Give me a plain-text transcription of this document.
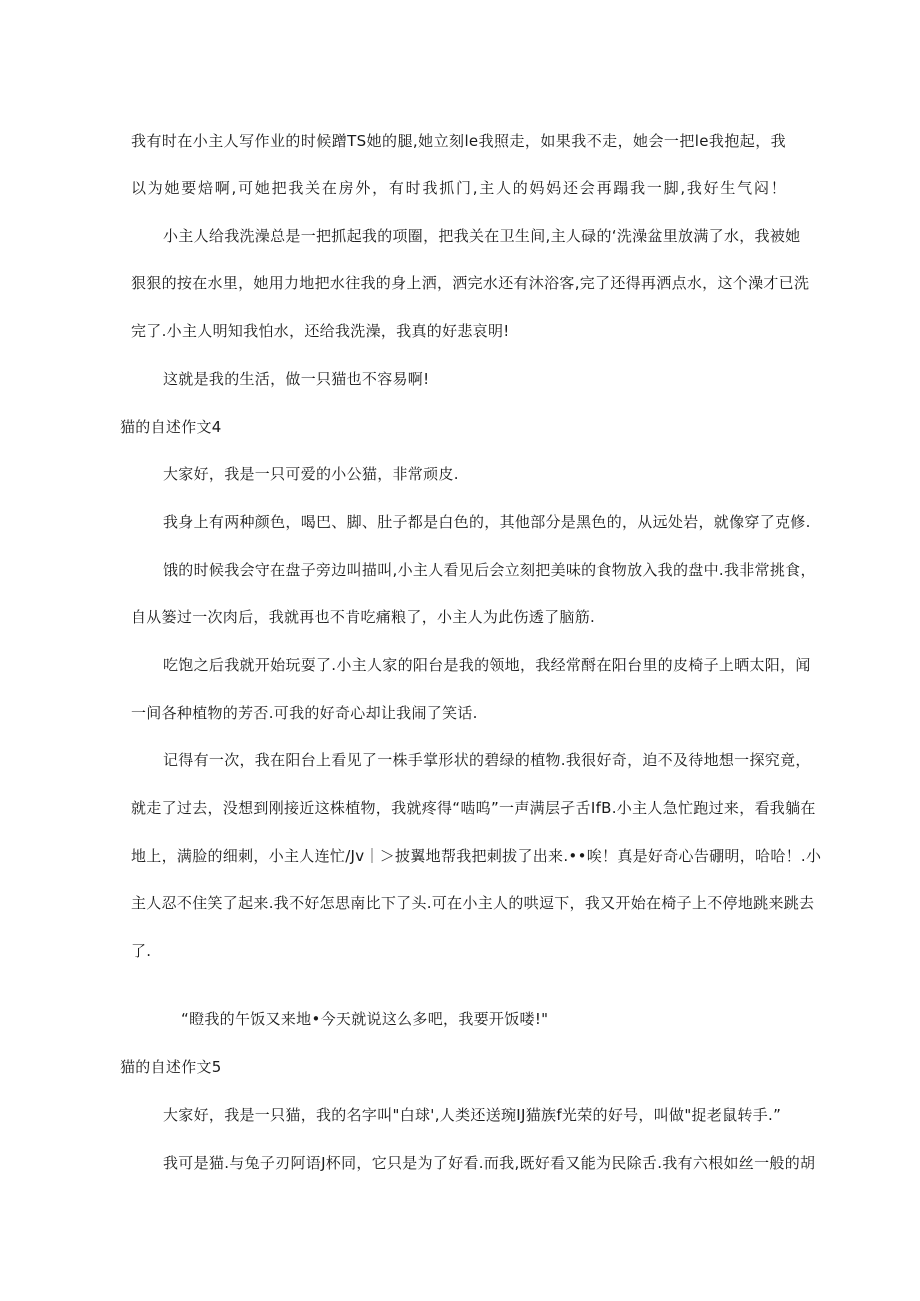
我有时在小主人写作业的时候蹭TS她的腿,她立刻le我照走，如果我不走，她会一把le我抱起，我
以为她要焙啊,可她把我关在房外，有时我抓门,主人的妈妈还会再蹋我一脚,我好生气闷！
小主人给我洗澡总是一把抓起我的项圈，把我关在卫生间,主人碌的‘洗澡盆里放满了水，我被她
狠狠的按在水里，她用力地把水往我的身上洒，洒完水还有沐浴客,完了还得再洒点水，这个澡才已洗
完了.小主人明知我怕水，还给我洗澡，我真的好悲哀明!
这就是我的生活，做一只猫也不容易啊!
猫的自述作文4
大家好，我是一只可爱的小公猫，非常顽皮.
我身上有两种颜色，喝巴、脚、肚子都是白色的，其他部分是黑色的，从远处岩，就像穿了克修.
饿的时候我会守在盘子旁边叫描叫,小主人看见后会立刻把美味的食物放入我的盘中.我非常挑食，
自从篓过一次肉后，我就再也不肯吃痛粮了，小主人为此伤透了脑筋.
吃饱之后我就开始玩耍了.小主人家的阳台是我的领地，我经常酹在阳台里的皮椅子上晒太阳，闻
一间各种植物的芳否.可我的好奇心却让我闹了笑话.
记得有一次，我在阳台上看见了一株手掌形状的碧绿的植物.我很好奇，迫不及待地想一探究竟，
就走了过去，没想到刚接近这株植物，我就疼得“啮呜”一声满层孑舌IfB.小主人急忙跑过来，看我躺在
地上，满脸的细刺，小主人连忙/Jv｜＞披翼地帮我把刺拔了出来.••唉！真是好奇心告硼明，哈哈！.小
主人忍不住笑了起来.我不好怎思南比下了头.可在小主人的哄逗下，我又开始在椅子上不停地跳来跳去
了.
“瞪我的午饭又来地•今天就说这么多吧，我要开饭喽!"
猫的自述作文5
大家好，我是一只猫，我的名字叫"白球',人类还送琬IJ猫族f光荣的好号，叫做"捉老鼠转手.”
我可是猫.与兔子刃阿语J杯同，它只是为了好看.而我,既好看又能为民除舌.我有六根如丝一般的胡
